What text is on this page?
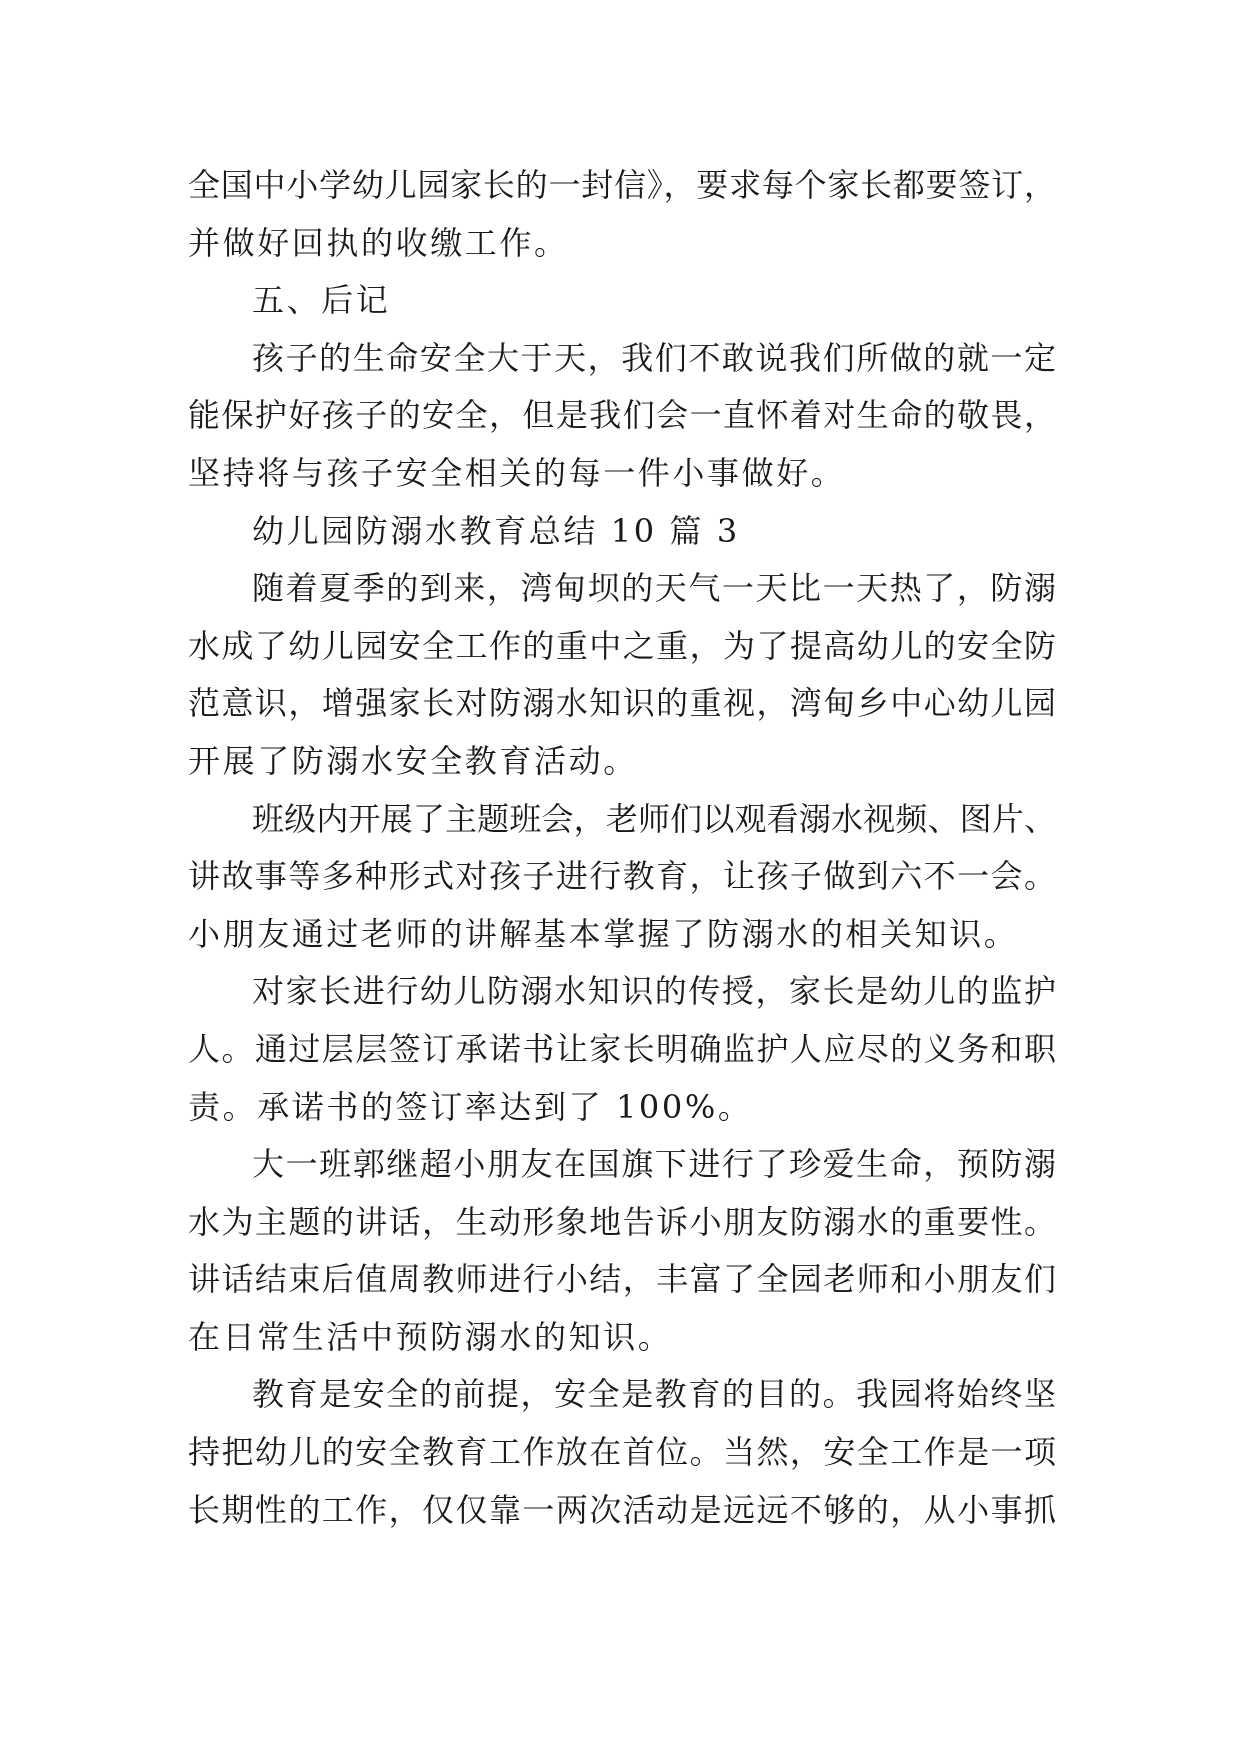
全国中小学幼儿园家长的一封信》，要求每个家长都要签订，
并做好回执的收缴工作。
五、后记
孩子的生命安全大于天，我们不敢说我们所做的就一定
能保护好孩子的安全，但是我们会一直怀着对生命的敬畏，
坚持将与孩子安全相关的每一件小事做好。
幼儿园防溺水教育总结 10 篇 3
随着夏季的到来，湾甸坝的天气一天比一天热了，防溺
水成了幼儿园安全工作的重中之重，为了提高幼儿的安全防
范意识，增强家长对防溺水知识的重视，湾甸乡中心幼儿园
开展了防溺水安全教育活动。
班级内开展了主题班会，老师们以观看溺水视频、图片、
讲故事等多种形式对孩子进行教育，让孩子做到六不一会。
小朋友通过老师的讲解基本掌握了防溺水的相关知识。
对家长进行幼儿防溺水知识的传授，家长是幼儿的监护
人。通过层层签订承诺书让家长明确监护人应尽的义务和职
责。承诺书的签订率达到了 100%。
大一班郭继超小朋友在国旗下进行了珍爱生命，预防溺
水为主题的讲话，生动形象地告诉小朋友防溺水的重要性。
讲话结束后值周教师进行小结，丰富了全园老师和小朋友们
在日常生活中预防溺水的知识。
教育是安全的前提，安全是教育的目的。我园将始终坚
持把幼儿的安全教育工作放在首位。当然，安全工作是一项
长期性的工作，仅仅靠一两次活动是远远不够的，从小事抓
